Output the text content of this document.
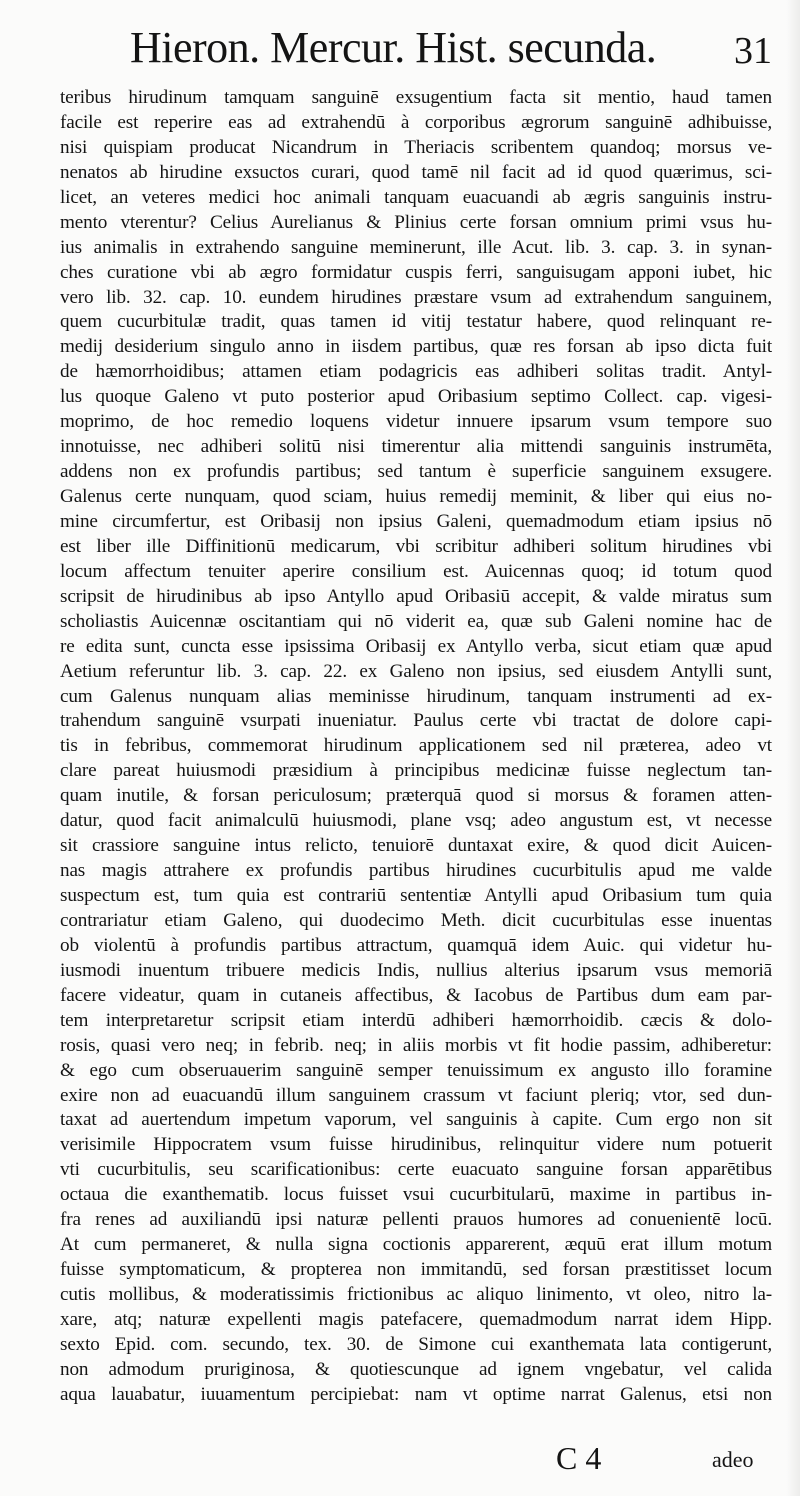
Hieron. Mercur. Hist. secunda. 31
teribus hirudinum tamquam sanguinē exsugentium facta sit mentio, haud tamen
facile est reperire eas ad extrahendū à corporibus ægrorum sanguinē adhibuisse,
nisi quispiam producat Nicandrum in Theriacis scribentem quandoq; morsus ve-
nenatos ab hirudine exsuctos curari, quod tamē nil facit ad id quod quærimus, sci-
licet, an veteres medici hoc animali tanquam euacuandi ab ægris sanguinis instru-
mento vterentur? Celius Aurelianus & Plinius certe forsan omnium primi vsus hu-
ius animalis in extrahendo sanguine meminerunt, ille Acut. lib. 3. cap. 3. in synan-
ches curatione vbi ab ægro formidatur cuspis ferri, sanguisugam apponi iubet, hic
vero lib. 32. cap. 10. eundem hirudines præstare vsum ad extrahendum sanguinem,
quem cucurbitulæ tradit, quas tamen id vitij testatur habere, quod relinquant re-
medij desiderium singulo anno in iisdem partibus, quæ res forsan ab ipso dicta fuit
de hæmorrhoidibus; attamen etiam podagricis eas adhiberi solitas tradit. Antyl-
lus quoque Galeno vt puto posterior apud Oribasium septimo Collect. cap. vigesi-
moprimo, de hoc remedio loquens videtur innuere ipsarum vsum tempore suo
innotuisse, nec adhiberi solitū nisi timerentur alia mittendi sanguinis instrumēta,
addens non ex profundis partibus; sed tantum è superficie sanguinem exsugere.
Galenus certe nunquam, quod sciam, huius remedij meminit, & liber qui eius no-
mine circumfertur, est Oribasij non ipsius Galeni, quemadmodum etiam ipsius nō
est liber ille Diffinitionū medicarum, vbi scribitur adhiberi solitum hirudines vbi
locum affectum tenuiter aperire consilium est. Auicennas quoq; id totum quod
scripsit de hirudinibus ab ipso Antyllo apud Oribasiū accepit, & valde miratus sum
scholiastis Auicennæ oscitantiam qui nō viderit ea, quæ sub Galeni nomine hac de
re edita sunt, cuncta esse ipsissima Oribasij ex Antyllo verba, sicut etiam quæ apud
Aetium referuntur lib. 3. cap. 22. ex Galeno non ipsius, sed eiusdem Antylli sunt,
cum Galenus nunquam alias meminisse hirudinum, tanquam instrumenti ad ex-
trahendum sanguinē vsurpati inueniatur. Paulus certe vbi tractat de dolore capi-
tis in febribus, commemorat hirudinum applicationem sed nil præterea, adeo vt
clare pareat huiusmodi præsidium à principibus medicinæ fuisse neglectum tan-
quam inutile, & forsan periculosum; præterquā quod si morsus & foramen atten-
datur, quod facit animalculū huiusmodi, plane vsq; adeo angustum est, vt necesse
sit crassiore sanguine intus relicto, tenuiorē duntaxat exire, & quod dicit Auicen-
nas magis attrahere ex profundis partibus hirudines cucurbitulis apud me valde
suspectum est, tum quia est contrariū sententiæ Antylli apud Oribasium tum quia
contrariatur etiam Galeno, qui duodecimo Meth. dicit cucurbitulas esse inuentas
ob violentū à profundis partibus attractum, quamquā idem Auic. qui videtur hu-
iusmodi inuentum tribuere medicis Indis, nullius alterius ipsarum vsus memoriā
facere videatur, quam in cutaneis affectibus, & Iacobus de Partibus dum eam par-
tem interpretaretur scripsit etiam interdū adhiberi hæmorrhoidib. cæcis & dolo-
rosis, quasi vero neq; in febrib. neq; in aliis morbis vt fit hodie passim, adhiberetur:
& ego cum obseruauerim sanguinē semper tenuissimum ex angusto illo foramine
exire non ad euacuandū illum sanguinem crassum vt faciunt pleriq; vtor, sed dun-
taxat ad auertendum impetum vaporum, vel sanguinis à capite. Cum ergo non sit
verisimile Hippocratem vsum fuisse hirudinibus, relinquitur videre num potuerit
vti cucurbitulis, seu scarificationibus: certe euacuato sanguine forsan apparētibus
octaua die exanthematib. locus fuisset vsui cucurbitularū, maxime in partibus in-
fra renes ad auxiliandū ipsi naturæ pellenti prauos humores ad conuenientē locū.
At cum permaneret, & nulla signa coctionis apparerent, æquū erat illum motum
fuisse symptomaticum, & propterea non immitandū, sed forsan præstitisset locum
cutis mollibus, & moderatissimis frictionibus ac aliquo linimento, vt oleo, nitro la-
xare, atq; naturæ expellenti magis patefacere, quemadmodum narrat idem Hipp.
sexto Epid. com. secundo, tex. 30. de Simone cui exanthemata lata contigerunt,
non admodum pruriginosa, & quotiescunque ad ignem vngebatur, vel calida
aqua lauabatur, iuuamentum percipiebat: nam vt optime narrat Galenus, etsi non
C 4	adeo
